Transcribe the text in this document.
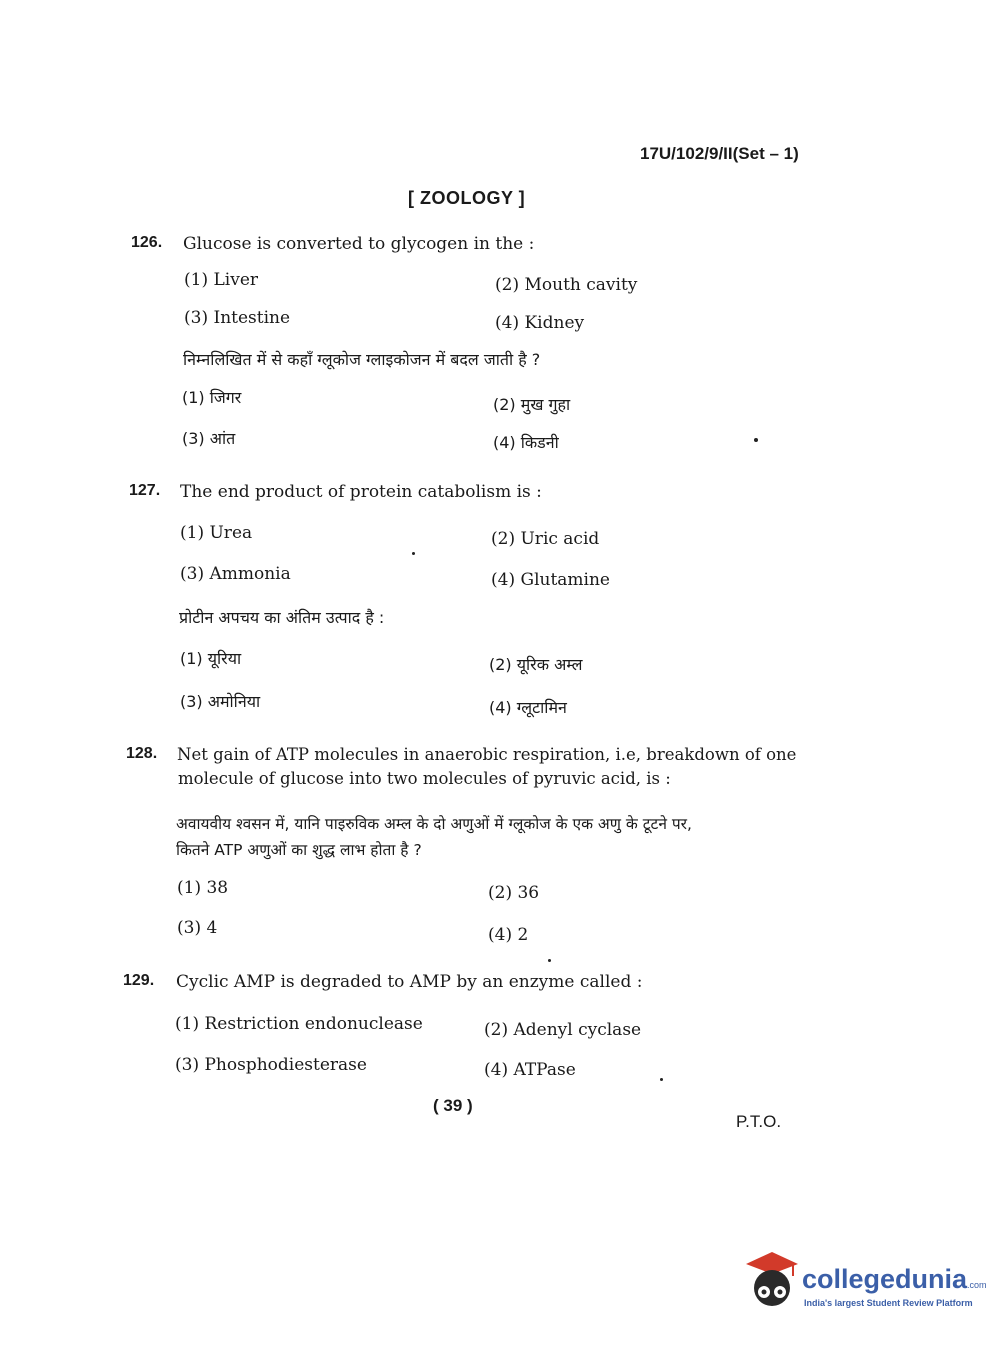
17U/102/9/II(Set – 1)
[ ZOOLOGY ]
126. Glucose is converted to glycogen in the :
(1) Liver	(2) Mouth cavity
(3) Intestine	(4) Kidney
निम्नलिखित में से कहाँ ग्लूकोज ग्लाइकोजन में बदल जाती है ?
(1) जिगर	(2) मुख गुहा
(3) आंत	(4) किडनी
127. The end product of protein catabolism is :
(1) Urea	(2) Uric acid
(3) Ammonia	(4) Glutamine
प्रोटीन अपचय का अंतिम उत्पाद है :
(1) यूरिया	(2) यूरिक अम्ल
(3) अमोनिया	(4) ग्लूटामिन
128. Net gain of ATP molecules in anaerobic respiration, i.e, breakdown of one
molecule of glucose into two molecules of pyruvic acid, is :
अवायवीय श्वसन में, यानि पाइरुविक अम्ल के दो अणुओं में ग्लूकोज के एक अणु के टूटने पर,
कितने ATP अणुओं का शुद्ध लाभ होता है ?
(1) 38	(2) 36
(3) 4	(4) 2
129. Cyclic AMP is degraded to AMP by an enzyme called :
(1) Restriction endonuclease	(2) Adenyl cyclase
(3) Phosphodiesterase	(4) ATPase
( 39 )
P.T.O.
collegedunia.com
India's largest Student Review Platform
